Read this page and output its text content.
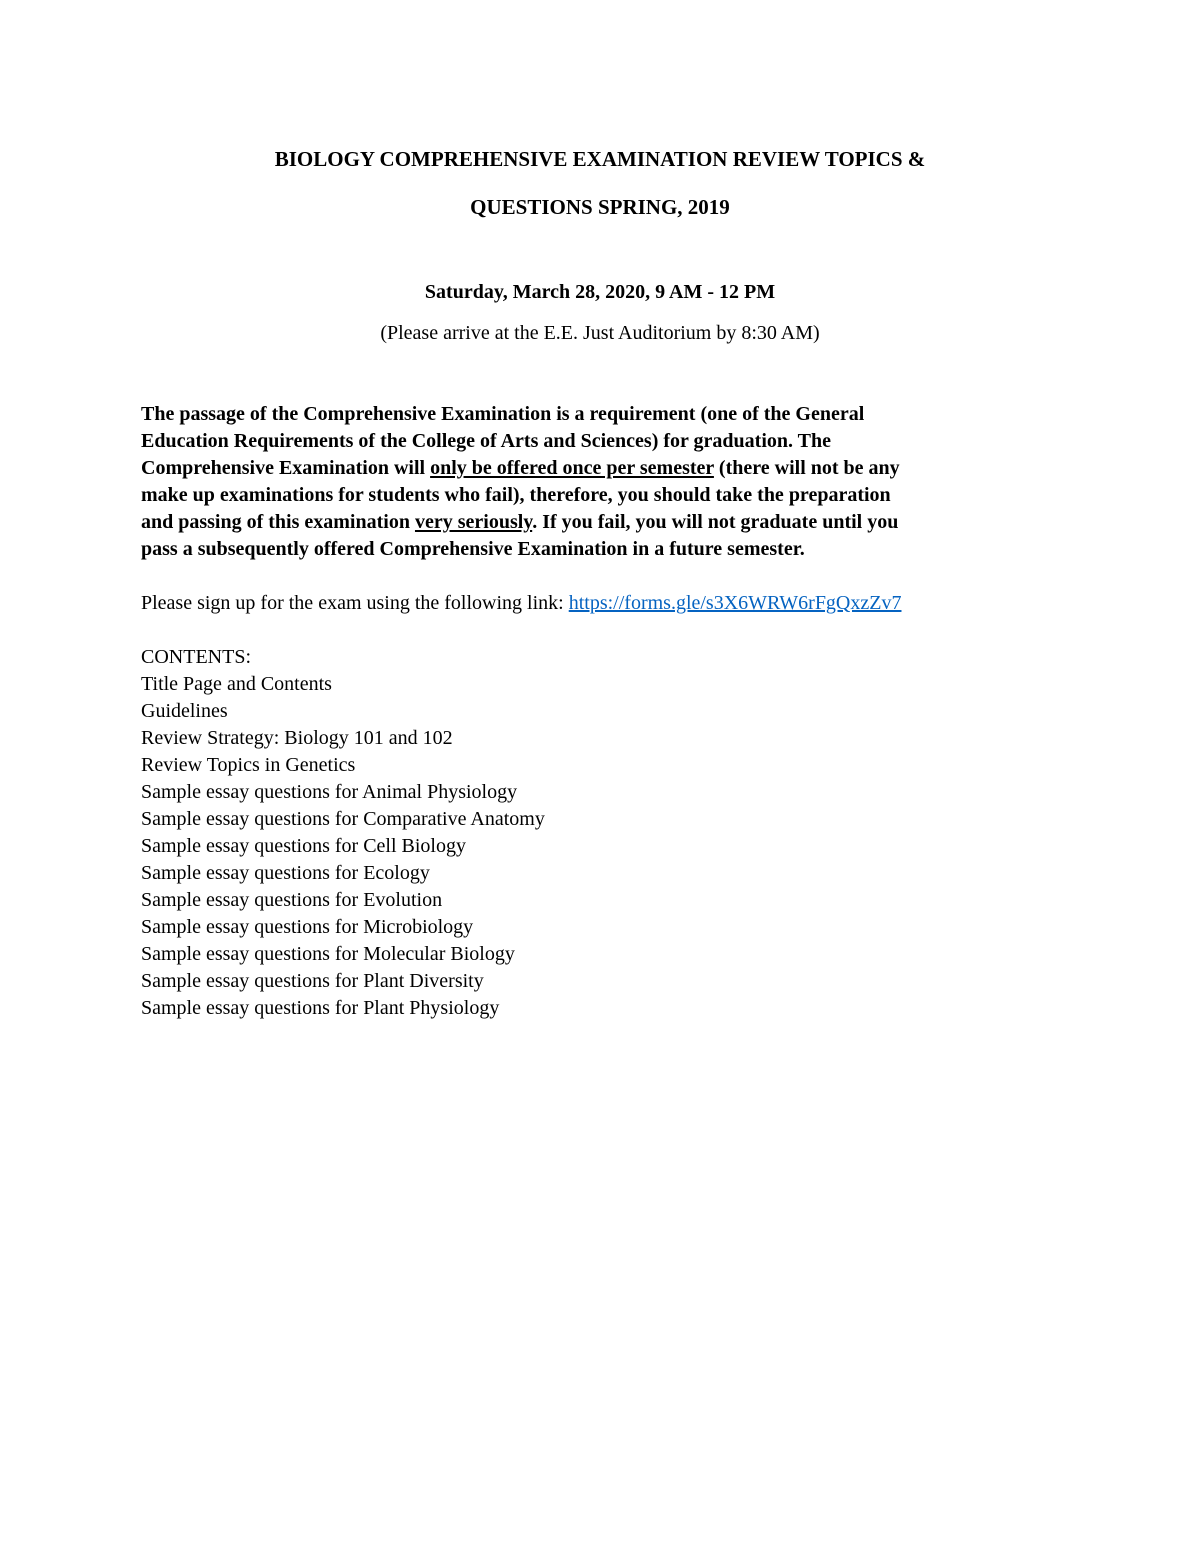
BIOLOGY COMPREHENSIVE EXAMINATION REVIEW TOPICS &
QUESTIONS SPRING, 2019
Saturday, March 28, 2020, 9 AM - 12 PM
(Please arrive at the E.E. Just Auditorium by 8:30 AM)
The passage of the Comprehensive Examination is a requirement (one of the General
Education Requirements of the College of Arts and Sciences) for graduation. The
Comprehensive Examination will only be offered once per semester (there will not be any
make up examinations for students who fail), therefore, you should take the preparation
and passing of this examination very seriously. If you fail, you will not graduate until you
pass a subsequently offered Comprehensive Examination in a future semester.
Please sign up for the exam using the following link: https://forms.gle/s3X6WRW6rFgQxzZv7
CONTENTS:
Title Page and Contents
Guidelines
Review Strategy: Biology 101 and 102
Review Topics in Genetics
Sample essay questions for Animal Physiology
Sample essay questions for Comparative Anatomy
Sample essay questions for Cell Biology
Sample essay questions for Ecology
Sample essay questions for Evolution
Sample essay questions for Microbiology
Sample essay questions for Molecular Biology
Sample essay questions for Plant Diversity
Sample essay questions for Plant Physiology
